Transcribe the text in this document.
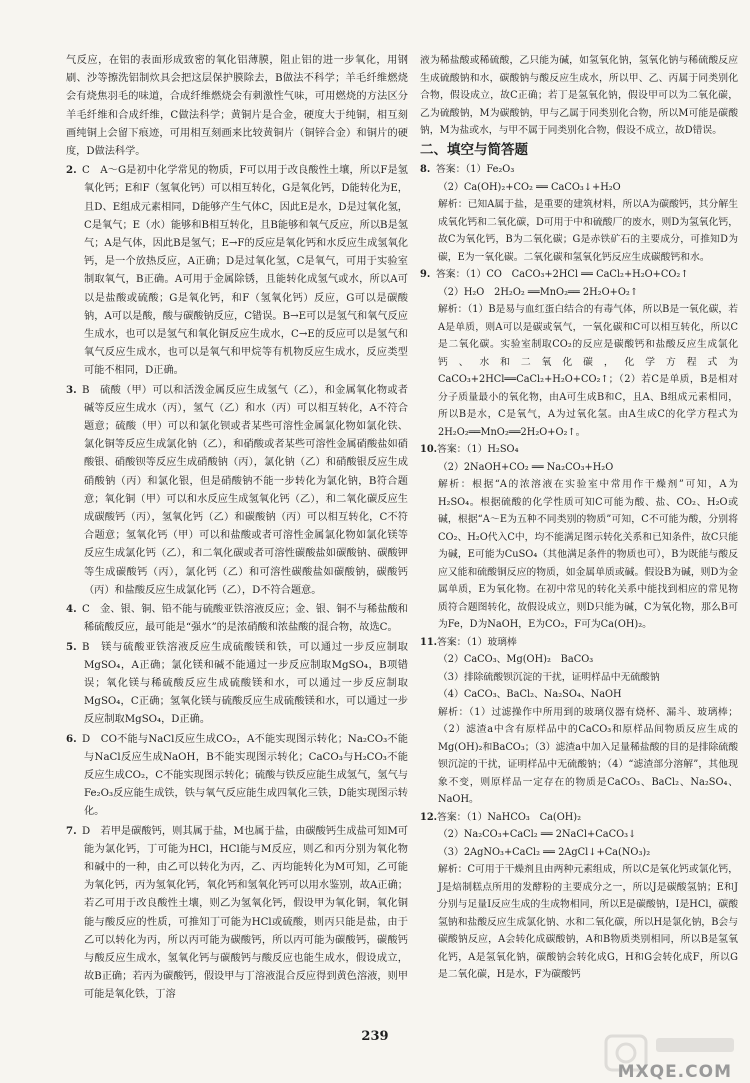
气反应，在铝的表面形成致密的氧化铝薄膜，阻止铝的进一步氧化，用钢刷、沙等擦洗铝制炊具会把这层保护膜除去，B做法不科学；羊毛纤维燃烧会有烧焦羽毛的味道，合成纤维燃烧会有刺激性气味，可用燃烧的方法区分羊毛纤维和合成纤维，C做法科学；黄铜片是合金，硬度大于纯铜，相互刻画纯铜上会留下痕迹，可用相互刻画来比较黄铜片（铜锌合金）和铜片的硬度，D做法科学。

2. C　A～G是初中化学常见的物质，F可以用于改良酸性土壤，所以F是氢氧化钙；E和F（氢氧化钙）可以相互转化，G是氧化钙，D能转化为E，且D、E组成元素相同，D能够产生气体C，因此E是水，D是过氧化氢，C是氧气；E（水）能够和B相互转化，且B能够和氧气反应，所以B是氢气；A是气体，因此B是氢气；E→F的反应是氧化钙和水反应生成氢氧化钙，是一个放热反应，A正确；D是过氧化氢，C是氧气，可用于实验室制取氧气，B正确。A可用于金属除锈，且能转化成氢气或水，所以A可以是盐酸或硫酸；G是氧化钙，和F（氢氧化钙）反应，G可以是碳酸钠，A可以是酸，酸与碳酸钠反应，C错误。B→E可以是氢气和氧气反应生成水，也可以是氢气和氧化铜反应生成水，C→E的反应可以是氢气和氧气反应生成水，也可以是氧气和甲烷等有机物反应生成水，反应类型可能不相同，D正确。

3. B　硫酸（甲）可以和活泼金属反应生成氢气（乙），和金属氧化物或者碱等反应生成水（丙），氢气（乙）和水（丙）可以相互转化，A不符合题意；硫酸（甲）可以和氯化钡或者某些可溶性金属氯化物如氯化铁、氯化铜等反应生成氯化钠（乙），和硝酸或者某些可溶性金属硝酸盐如硝酸银、硝酸钡等反应生成硝酸钠（丙），氯化钠（乙）和硝酸银反应生成硝酸钠（丙）和氯化银，但是硝酸钠不能一步转化为氯化钠，B符合题意；氧化铜（甲）可以和水反应生成氢氧化钙（乙），和二氧化碳反应生成碳酸钙（丙），氢氧化钙（乙）和碳酸钠（丙）可以相互转化，C不符合题意；氢氧化钙（甲）可以和盐酸或者可溶性金属氯化物如氯化镁等反应生成氯化钙（乙），和二氧化碳或者可溶性碳酸盐如碳酸钠、碳酸钾等生成碳酸钙（丙），氯化钙（乙）和可溶性碳酸盐如碳酸钠，碳酸钙（丙）和盐酸反应生成氯化钙（乙），D不符合题意。

4. C　金、银、铜、铅不能与硫酸亚铁溶液反应；金、银、铜不与稀盐酸和稀硫酸反应，最可能是“强水”的是浓硝酸和浓盐酸的混合物，故选C。

5. B　镁与硫酸亚铁溶液反应生成硫酸镁和铁，可以通过一步反应制取MgSO₄，A正确；氯化镁和碱不能通过一步反应制取MgSO₄，B项错误；氧化镁与稀硫酸反应生成硫酸镁和水，可以通过一步反应制取MgSO₄，C正确；氢氧化镁与硫酸反应生成硫酸镁和水，可以通过一步反应制取MgSO₄，D正确。

6. D　CO不能与NaCl反应生成CO₂，A不能实现图示转化；Na₂CO₃不能与NaCl反应生成NaOH，B不能实现图示转化；CaCO₃与H₂CO₃不能反应生成CO₂，C不能实现图示转化；硫酸与铁反应能生成氢气，氢气与Fe₂O₃反应能生成铁，铁与氧气反应能生成四氧化三铁，D能实现图示转化。

7. D　若甲是碳酸钙，则其属于盐，M也属于盐，由碳酸钙生成盐可知M可能为氯化钙，丁可能为HCl，HCl能与M反应，则乙和丙分别为氧化物和碱中的一种，由乙可以转化为丙，乙、丙均能转化为M可知，乙可能为氧化钙，丙为氢氧化钙，氧化钙和氢氧化钙可以用水鉴别，故A正确；若乙可用于改良酸性土壤，则乙为氢氧化钙，假设甲为氧化铜，氧化铜能与酸反应的性质，可推知丁可能为HCl或硫酸，则丙只能是盐，由于乙可以转化为丙，所以丙可能为碳酸钙，所以丙可能为碳酸钙，碳酸钙与酸反应生成水，氢氧化钙与碳酸钙与酸反应也能生成水，假设成立，故B正确；若丙为碳酸钙，假设甲与丁溶液混合反应得到黄色溶液，则甲可能是氧化铁，丁溶

液为稀盐酸或稀硫酸，乙只能为碱，如氢氧化钠，氢氧化钠与稀硫酸反应生成硫酸钠和水，碳酸钠与酸反应生成水，所以甲、乙、丙属于同类别化合物，假设成立，故C正确；若丁是氢氧化钠，假设甲可以为二氧化碳，乙为硫酸钠，M为碳酸钠，甲与乙属于同类别化合物，所以M可能是碳酸钠，M为盐或水，与甲不属于同类别化合物，假设不成立，故D错误。

二、填空与简答题

8. 答案：（1）Fe₂O₃

（2）Ca(OH)₂+CO₂ ══ CaCO₃↓+H₂O

解析：已知A属于盐，是重要的建筑材料，所以A为碳酸钙，其分解生成氧化钙和二氧化碳，D可用于中和硫酸厂的废水，则D为氢氧化钙，故C为氧化钙，B为二氧化碳；G是赤铁矿石的主要成分，可推知D为碳，E为一氧化碳。二氧化碳和氢氧化钙反应生成碳酸钙和水。

9. 答案：（1）CO　CaCO₃+2HCl ══ CaCl₂+H₂O+CO₂↑

（2）H₂O　2H₂O₂ ══MnO₂══ 2H₂O+O₂↑

解析：（1）B是易与血红蛋白结合的有毒气体，所以B是一氧化碳，若A是单质，则A可以是碳或氧气，一氧化碳和C可以相互转化，所以C是二氧化碳。实验室制取CO₂的反应是碳酸钙和盐酸反应生成氯化钙、水和二氧化碳，化学方程式为CaCO₃+2HCl══CaCl₂+H₂O+CO₂↑；（2）若C是单质，B是相对分子质量最小的氧化物，由A可生成B和C，且A、B组成元素相同，所以B是水，C是氧气，A为过氧化氢。由A生成C的化学方程式为2H₂O₂══MnO₂══2H₂O+O₂↑。

10.答案：（1）H₂SO₄

（2）2NaOH+CO₂ ══ Na₂CO₃+H₂O

解析：根据“A的浓溶液在实验室中常用作干燥剂”可知，A为H₂SO₄。根据硫酸的化学性质可知C可能为酸、盐、CO₂、H₂O或碱，根据“A～E为五种不同类别的物质”可知，C不可能为酸，分别将CO₂、H₂O代入C中，均不能满足图示转化关系和已知条件，故C只能为碱，E可能为CuSO₄（其他满足条件的物质也可），B为既能与酸反应又能和硫酸铜反应的物质，如金属单质或碱。假设B为碱，则D为金属单质，E为氧化物。在初中常见的转化关系中能找到相应的常见物质符合题图转化，故假设成立，则D只能为碱，C为氧化物，那么B可为Fe，D为NaOH，E为CO₂，F可为Ca(OH)₂。

11.答案：（1）玻璃棒

（2）CaCO₃、Mg(OH)₂　BaCO₃

（3）排除硫酸钡沉淀的干扰，证明样品中无硫酸钠

（4）CaCO₃、BaCl₂、Na₂SO₄、NaOH

解析：（1）过滤操作中所用到的玻璃仪器有烧杯、漏斗、玻璃棒；（2）滤渣a中含有原样品中的CaCO₃和原样品间物质反应生成的Mg(OH)₂和BaCO₃；（3）滤渣a中加入足量稀盐酸的目的是排除硫酸钡沉淀的干扰，证明样品中无硫酸钠；（4）“滤渣部分溶解”，其他现象不变，则原样品一定存在的物质是CaCO₃、BaCl₂、Na₂SO₄、NaOH。

12.答案：（1）NaHCO₃　Ca(OH)₂

（2）Na₂CO₃+CaCl₂ ══ 2NaCl+CaCO₃↓

（3）2AgNO₃+CaCl₂ ══ 2AgCl↓+Ca(NO₃)₂

解析：C可用于干燥剂且由两种元素组成，所以C是氧化钙或氯化钙，J是焙制糕点所用的发酵粉的主要成分之一，所以J是碳酸氢钠；E和J分别与足量I反应生成的生成物相同，所以E是碳酸钠，I是HCl，碳酸氢钠和盐酸反应生成氯化钠、水和二氧化碳，所以H是氯化钠，B会与碳酸钠反应，A会转化成碳酸钠，A和B物质类别相同，所以B是氢氧化钙，A是氢氧化钠，碳酸钠会转化成G，H和G会转化成F，所以G是二氧化碳，H是水，F为碳酸钙

239
MXQE.COM
